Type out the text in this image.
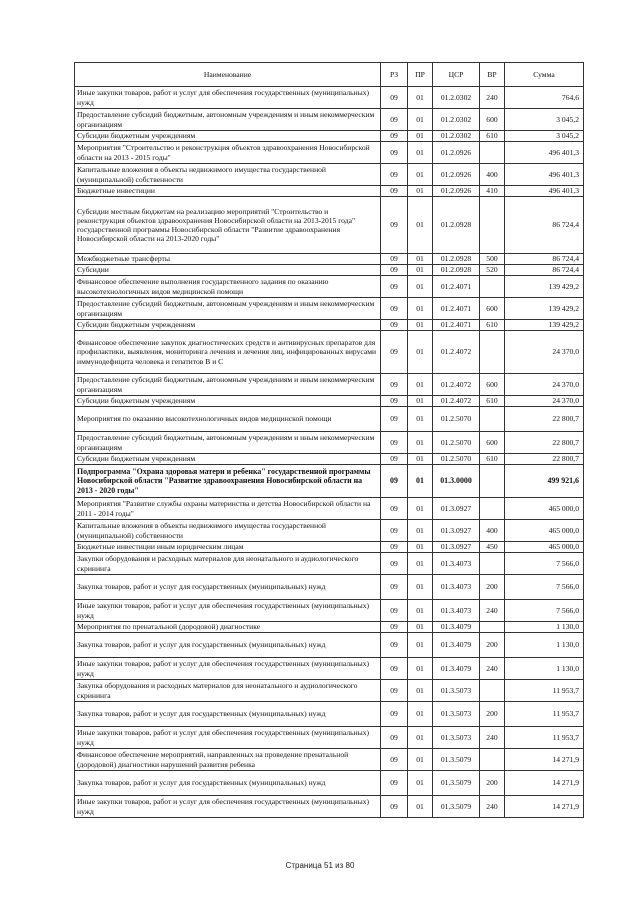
Наименование	РЗ	ПР	ЦСР	ВР	Сумма
Иные закупки товаров, работ и услуг для обеспечения государственных (муниципальных) нужд	09	01	01.2.0302	240	764,6
Предоставление субсидий бюджетным, автономным учреждениям и иным некоммерческим организациям	09	01	01.2.0302	600	3 045,2
Субсидии бюджетным учреждениям	09	01	01.2.0302	610	3 045,2
Мероприятия "Строительство и реконструкция объектов здравоохранения Новосибирской области на 2013 - 2015 годы"	09	01	01.2.0926		496 401,3
Капитальные вложения в объекты недвижимого имущества государственной (муниципальной) собственности	09	01	01.2.0926	400	496 401,3
Бюджетные инвестиции	09	01	01.2.0926	410	496 401,3
Субсидии местным бюджетам на реализацию мероприятий "Строительство и реконструкция объектов здравоохранения Новосибирской области на 2013-2015 года" государственной программы Новосибирской области "Развитие здравоохранения Новосибирской области на 2013-2020 годы"	09	01	01.2.0928		86 724,4
Межбюджетные трансферты	09	01	01.2.0928	500	86 724,4
Субсидии	09	01	01.2.0928	520	86 724,4
Финансовое обеспечение выполнения государственного задания по оказанию высокотехнологичных видов медицинской помощи	09	01	01.2.4071		139 429,2
Предоставление субсидий бюджетным, автономным учреждениям и иным некоммерческим организациям	09	01	01.2.4071	600	139 429,2
Субсидии бюджетным учреждениям	09	01	01.2.4071	610	139 429,2
Финансовое обеспечение закупок диагностических средств и антивирусных препаратов для профилактики, выявления, мониторинга лечения и лечения лиц, инфицированных вирусами иммунодефицита человека и гепатитов В и С	09	01	01.2.4072		24 370,0
Предоставление субсидий бюджетным, автономным учреждениям и иным некоммерческим организациям	09	01	01.2.4072	600	24 370,0
Субсидии бюджетным учреждениям	09	01	01.2.4072	610	24 370,0
Мероприятия по оказанию высокотехнологичных видов медицинской помощи	09	01	01.2.5070		22 800,7
Предоставление субсидий бюджетным, автономным учреждениям и иным некоммерческим организациям	09	01	01.2.5070	600	22 800,7
Субсидии бюджетным учреждениям	09	01	01.2.5070	610	22 800,7
Подпрограмма "Охрана здоровья матери и ребенка" государственной программы Новосибирской области "Развитие здравоохранения Новосибирской области на 2013 - 2020 годы"	09	01	01.3.0000		499 921,6
Мероприятия "Развитие службы охраны материнства и детства Новосибирской области на 2011 - 2014 годы"	09	01	01.3.0927		465 000,0
Капитальные вложения в объекты недвижимого имущества государственной (муниципальной) собственности	09	01	01.3.0927	400	465 000,0
Бюджетные инвестиции иным юридическим лицам	09	01	01.3.0927	450	465 000,0
Закупки оборудования и расходных материалов для неонатального и аудиологического скрининга	09	01	01.3.4073		7 566,0
Закупка товаров, работ и услуг для государственных (муниципальных) нужд	09	01	01.3.4073	200	7 566,0
Иные закупки товаров, работ и услуг для обеспечения государственных (муниципальных) нужд	09	01	01.3.4073	240	7 566,0
Мероприятия по пренатальной (дородовой) диагностике	09	01	01.3.4079		1 130,0
Закупка товаров, работ и услуг для государственных (муниципальных) нужд	09	01	01.3.4079	200	1 130,0
Иные закупки товаров, работ и услуг для обеспечения государственных (муниципальных) нужд	09	01	01.3.4079	240	1 130,0
Закупка оборудования и расходных материалов для неонатального и аудиологического скрининга	09	01	01.3.5073		11 953,7
Закупка товаров, работ и услуг для государственных (муниципальных) нужд	09	01	01.3.5073	200	11 953,7
Иные закупки товаров, работ и услуг для обеспечения государственных (муниципальных) нужд	09	01	01.3.5073	240	11 953,7
Финансовое обеспечение мероприятий, направленных на проведение пренатальной (дородовой) диагностики нарушений развития ребенка	09	01	01.3.5079		14 271,9
Закупка товаров, работ и услуг для государственных (муниципальных) нужд	09	01	01.3.5079	200	14 271,9
Иные закупки товаров, работ и услуг для обеспечения государственных (муниципальных) нужд	09	01	01.3.5079	240	14 271,9
Страница 51 из 80
